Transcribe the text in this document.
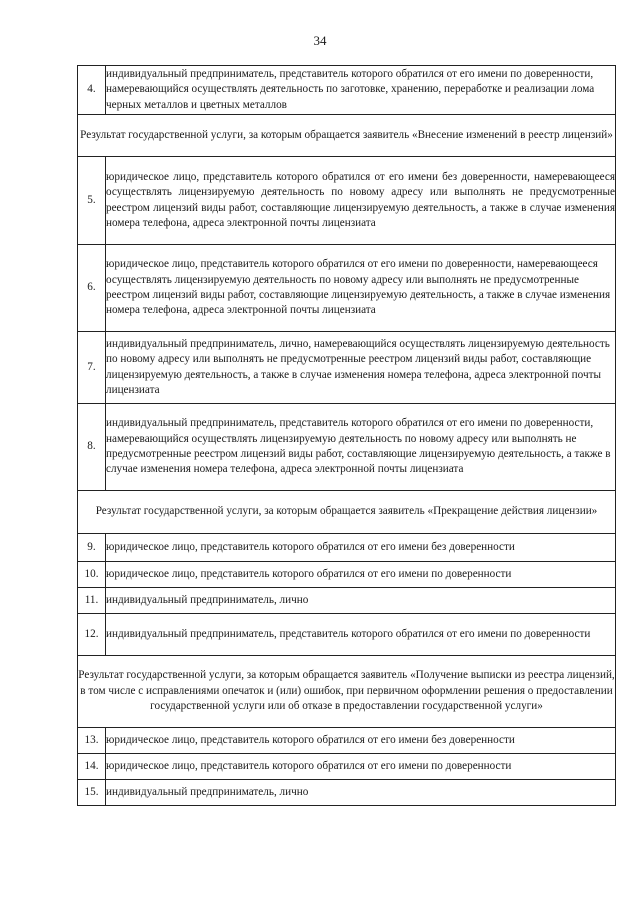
34
4.	индивидуальный предприниматель, представитель которого обратился от его имени по доверенности, намеревающийся осуществлять деятельность по заготовке, хранению, переработке и реализации лома черных металлов и цветных металлов
Результат государственной услуги, за которым обращается заявитель «Внесение изменений в реестр лицензий»	
5.	юридическое лицо, представитель которого обратился от его имени без доверенности, намеревающееся осуществлять лицензируемую деятельность по новому адресу или выполнять не предусмотренные реестром лицензий виды работ, составляющие лицензируемую деятельность, а также в случае изменения номера телефона, адреса электронной почты лицензиата
6.	юридическое лицо, представитель которого обратился от его имени по доверенности, намеревающееся осуществлять лицензируемую деятельность по новому адресу или выполнять не предусмотренные реестром лицензий виды работ, составляющие лицензируемую деятельность, а также в случае изменения номера телефона, адреса электронной почты лицензиата
7.	индивидуальный предприниматель, лично, намеревающийся осуществлять лицензируемую деятельность по новому адресу или выполнять не предусмотренные реестром лицензий виды работ, составляющие лицензируемую деятельность, а также в случае изменения номера телефона, адреса электронной почты лицензиата
8.	индивидуальный предприниматель, представитель которого обратился от его имени по доверенности, намеревающийся осуществлять лицензируемую деятельность по новому адресу или выполнять не предусмотренные реестром лицензий виды работ, составляющие лицензируемую деятельность, а также в случае изменения номера телефона, адреса электронной почты лицензиата
Результат государственной услуги, за которым обращается заявитель «Прекращение действия лицензии»	
9.	юридическое лицо, представитель которого обратился от его имени без доверенности
10.	юридическое лицо, представитель которого обратился от его имени по доверенности
11.	индивидуальный предприниматель, лично
12.	индивидуальный предприниматель, представитель которого обратился от его имени по доверенности
Результат государственной услуги, за которым обращается заявитель «Получение выписки из реестра лицензий, в том числе с исправлениями опечаток и (или) ошибок, при первичном оформлении решения о предоставлении государственной услуги или об отказе в предоставлении государственной услуги»	
13.	юридическое лицо, представитель которого обратился от его имени без доверенности
14.	юридическое лицо, представитель которого обратился от его имени по доверенности
15.	индивидуальный предприниматель, лично
